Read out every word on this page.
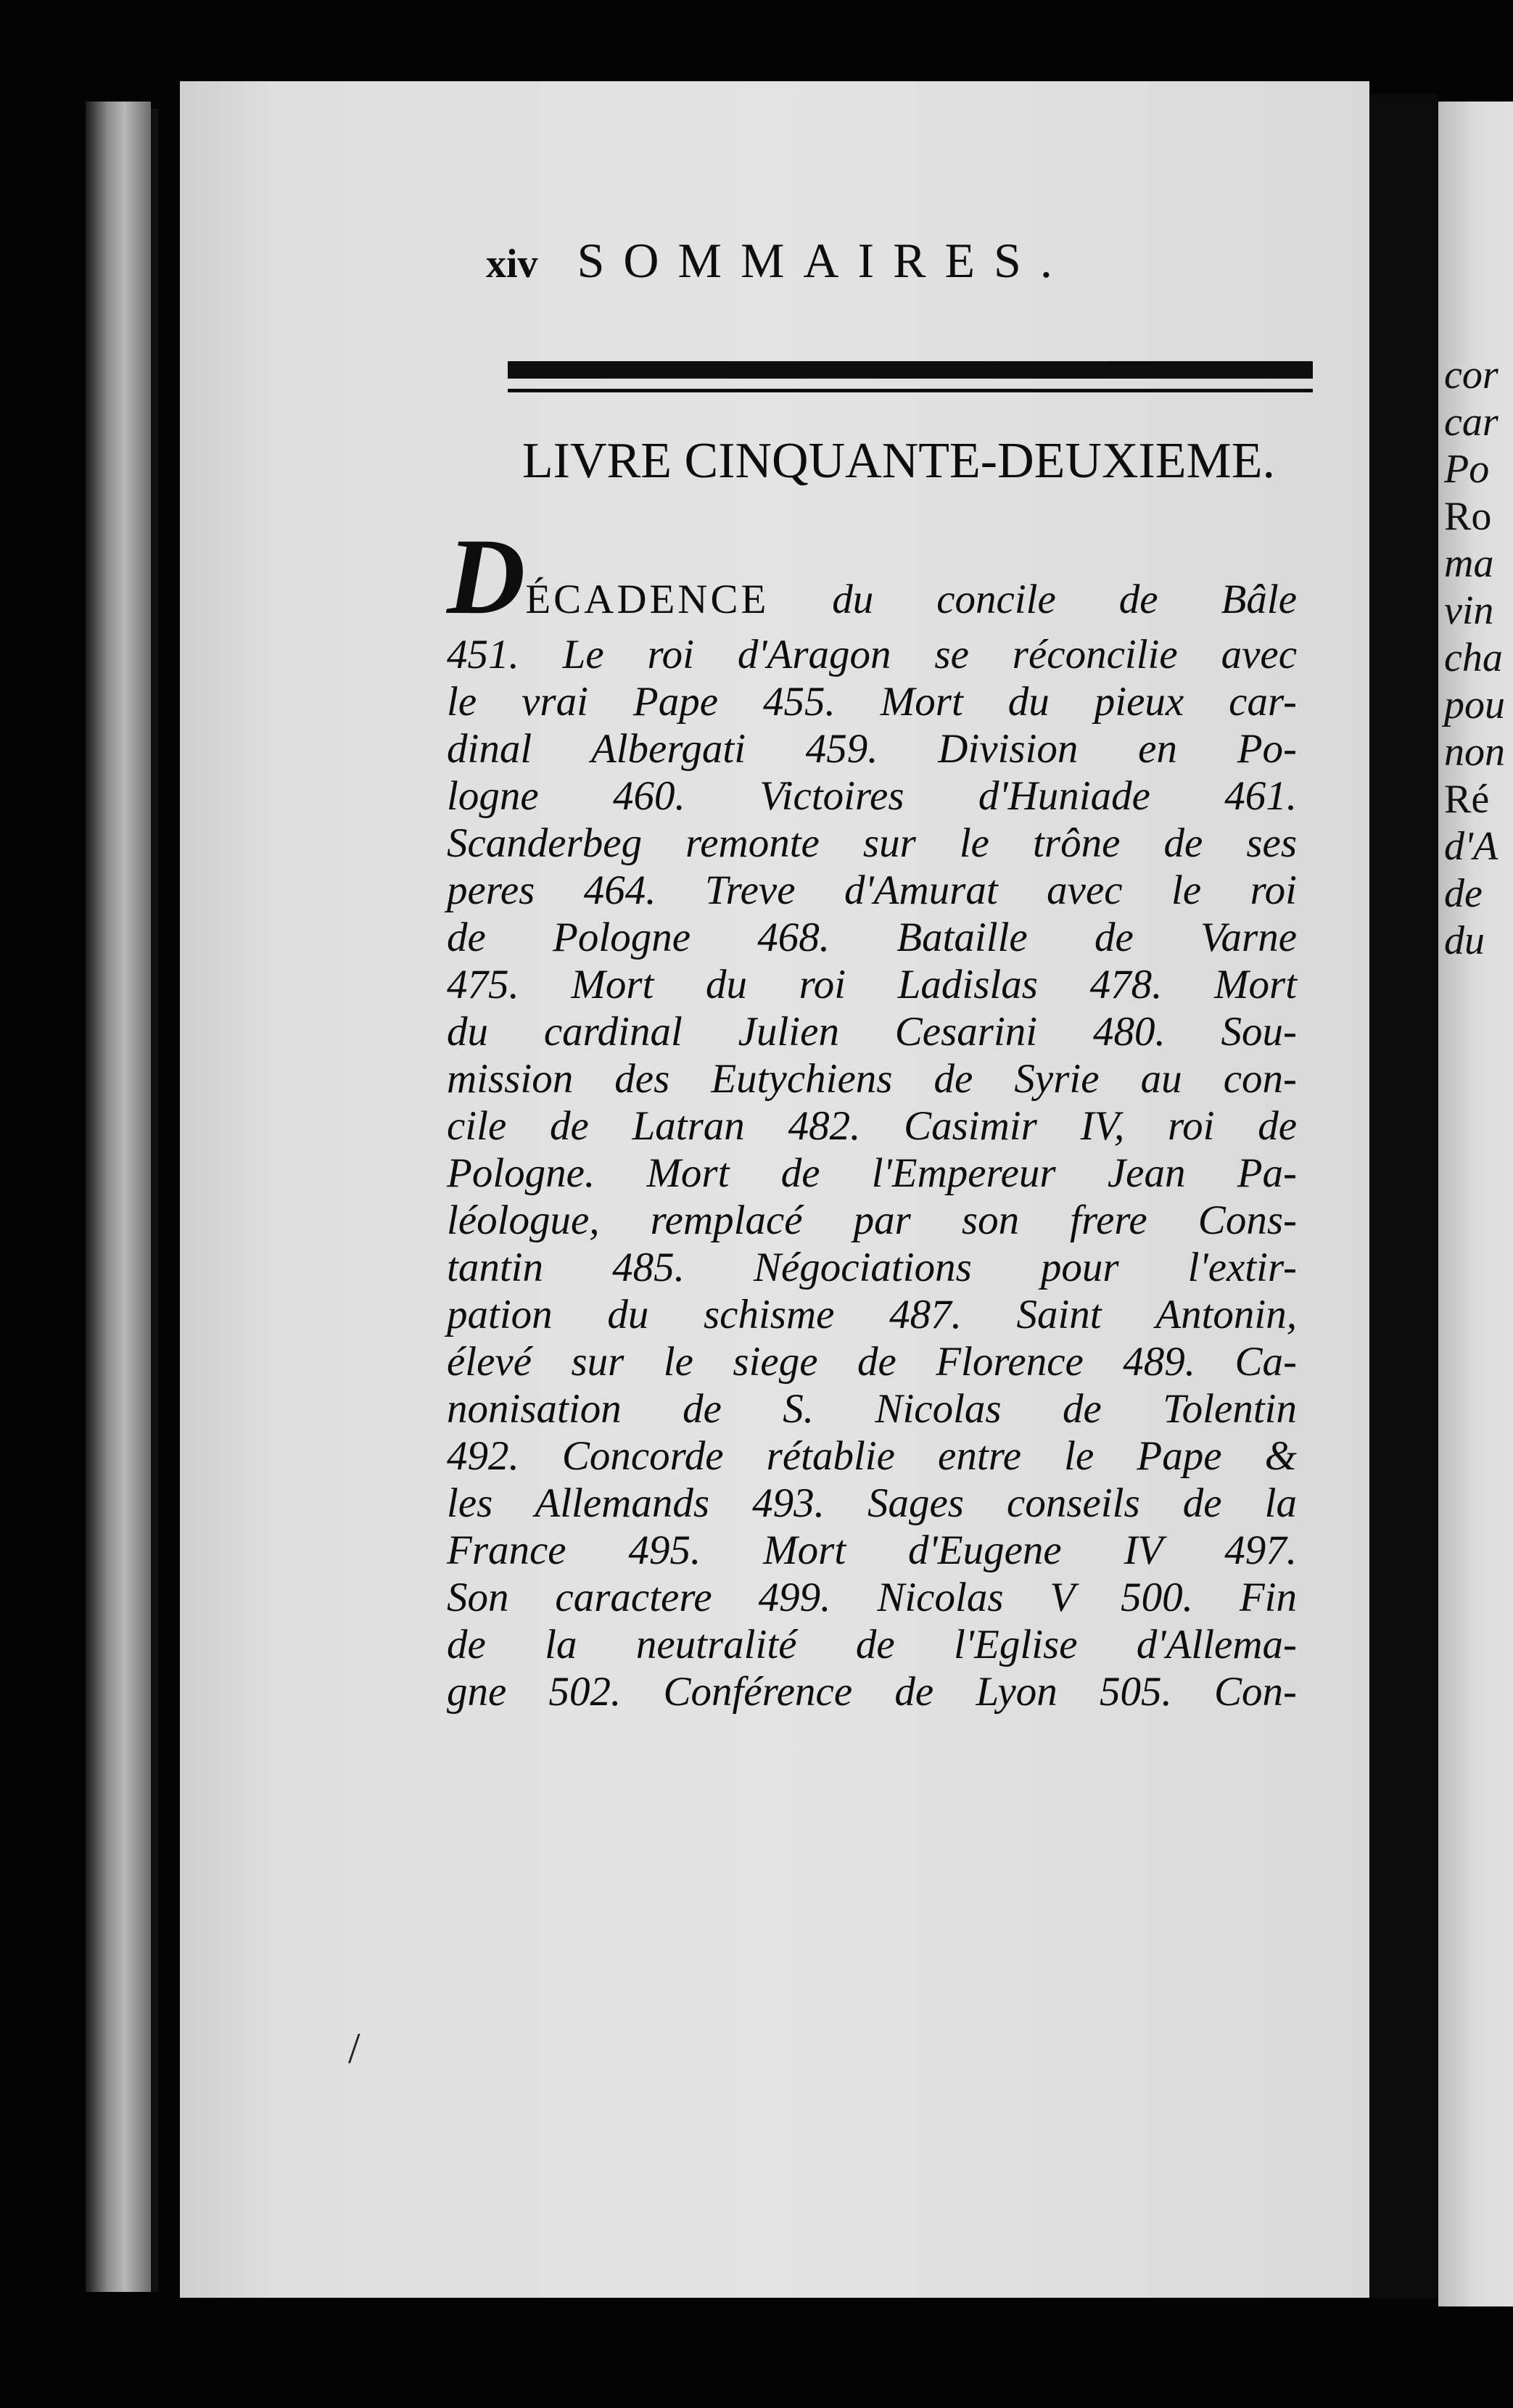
cor
car
Po
Ro
ma
vin
cha
pou
non
Ré
d'A
de
du
xiv SOMMAIRES.
LIVRE CINQUANTE-DEUXIEME.
DÉCADENCE du concile de Bâle
451. Le roi d'Aragon se réconcilie avec
le vrai Pape 455. Mort du pieux car-
dinal Albergati 459. Division en Po-
logne 460. Victoires d'Huniade 461.
Scanderbeg remonte sur le trône de ses
peres 464. Treve d'Amurat avec le roi
de Pologne 468. Bataille de Varne
475. Mort du roi Ladislas 478. Mort
du cardinal Julien Cesarini 480. Sou-
mission des Eutychiens de Syrie au con-
cile de Latran 482. Casimir IV, roi de
Pologne. Mort de l'Empereur Jean Pa-
léologue, remplacé par son frere Cons-
tantin 485. Négociations pour l'extir-
pation du schisme 487. Saint Antonin,
élevé sur le siege de Florence 489. Ca-
nonisation de S. Nicolas de Tolentin
492. Concorde rétablie entre le Pape &
les Allemands 493. Sages conseils de la
France 495. Mort d'Eugene IV 497.
Son caractere 499. Nicolas V 500. Fin
de la neutralité de l'Eglise d'Allema-
gne 502. Conférence de Lyon 505. Con-
/
